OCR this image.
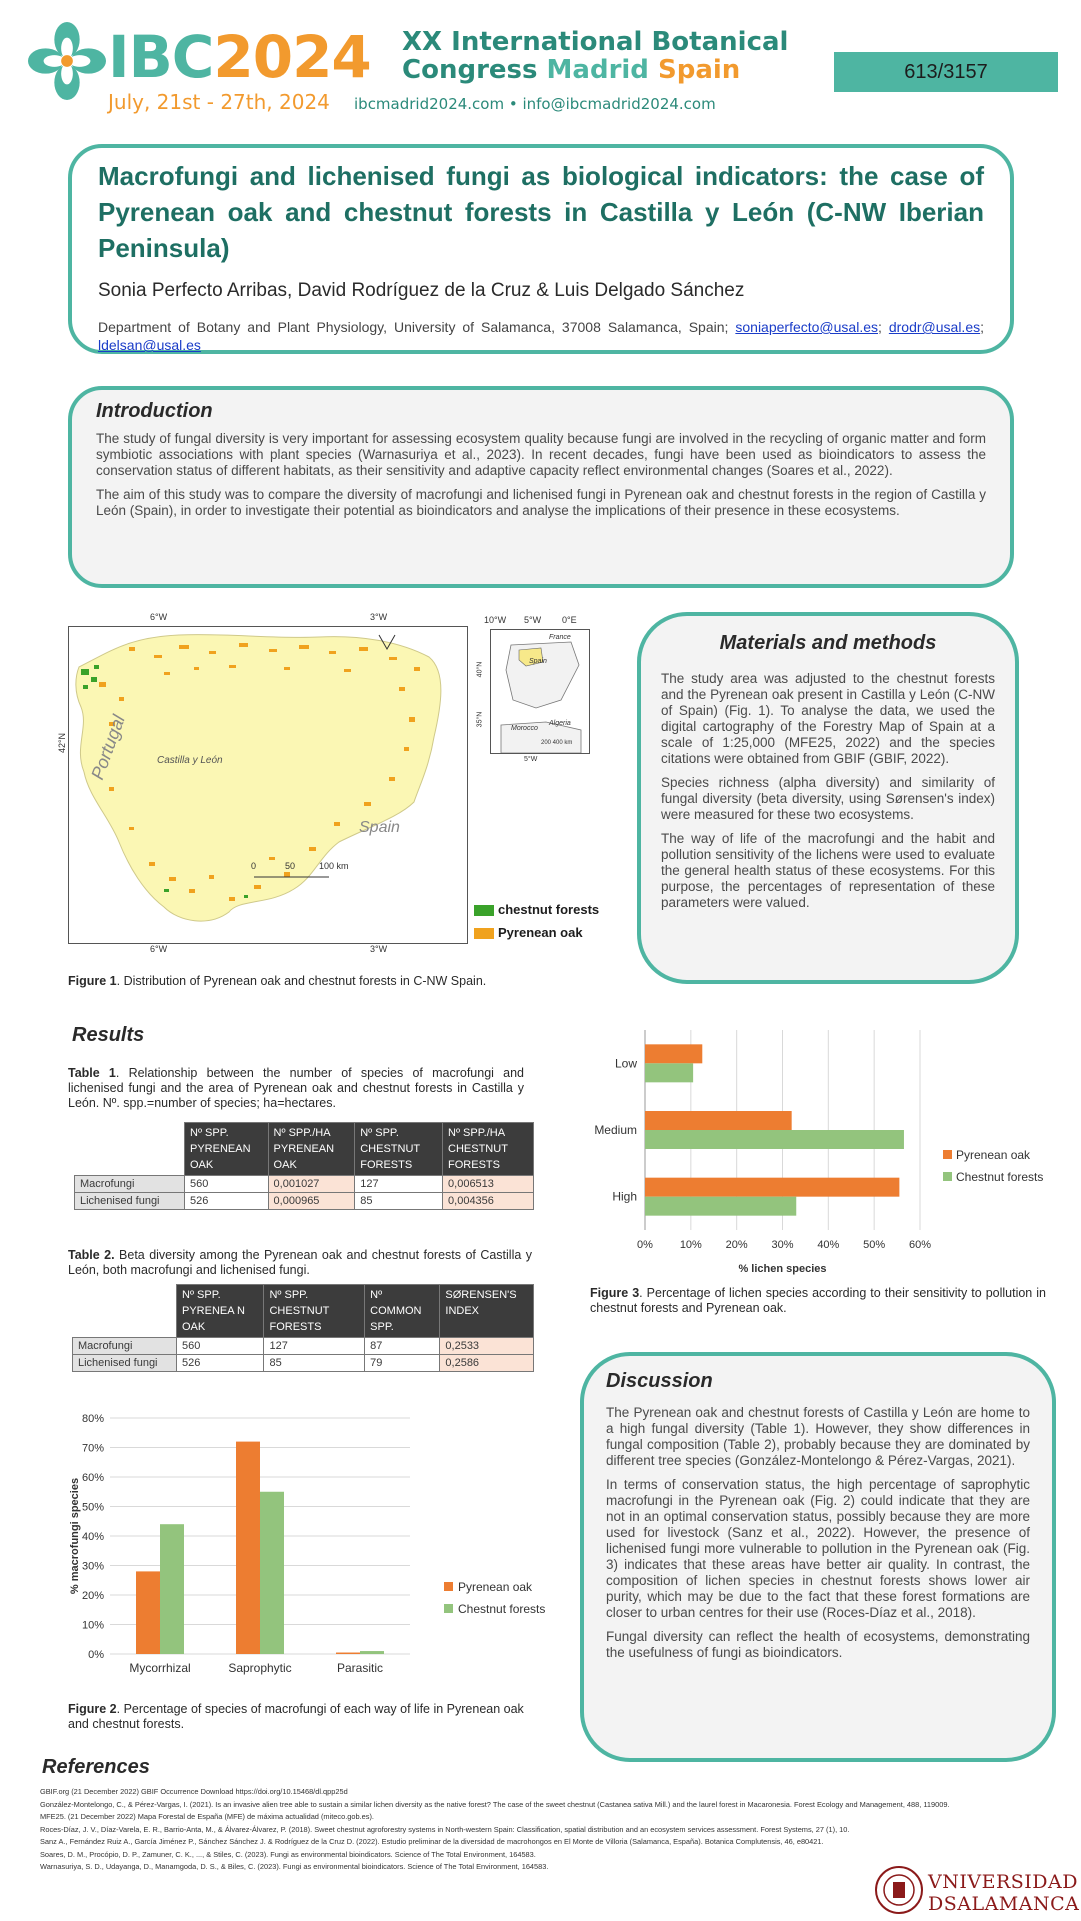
IBC2024 XX International Botanical
Congress Madrid Spain
July, 21st - 27th, 2024 ibcmadrid2024.com • info@ibcmadrid2024.com
613/3157
Macrofungi and lichenised fungi as biological indicators: the case of Pyrenean oak and chestnut forests in Castilla y León (C-NW Iberian Peninsula)
Sonia Perfecto Arribas, David Rodríguez de la Cruz & Luis Delgado Sánchez
Department of Botany and Plant Physiology, University of Salamanca, 37008 Salamanca, Spain; soniaperfecto@usal.es; drodr@usal.es; ldelsan@usal.es
Introduction

The study of fungal diversity is very important for assessing ecosystem quality because fungi are involved in the recycling of organic matter and form symbiotic associations with plant species (Warnasuriya et al., 2023). In recent decades, fungi have been used as bioindicators to assess the conservation status of different habitats, as their sensitivity and adaptive capacity reflect environmental changes (Soares et al., 2022).

The aim of this study was to compare the diversity of macrofungi and lichenised fungi in Pyrenean oak and chestnut forests in the region of Castilla y León (Spain), in order to investigate their potential as bioindicators and analyse the implications of their presence in these ecosystems.

6°W	3°W
42°N
6°W	3°W
Portugal	Castilla y León
Spain
0	50	100 km
10°W 5°W 0°E
France
Spain
Morocco
Algeria
200 400 km
40°N
35°N
5°W
chestnut forests
Pyrenean oak
Figure 1. Distribution of Pyrenean oak and chestnut forests in C-NW Spain.
Materials and methods

The study area was adjusted to the chestnut forests and the Pyrenean oak present in Castilla y León (C-NW of Spain) (Fig. 1). To analyse the data, we used the digital cartography of the Forestry Map of Spain at a scale of 1:25,000 (MFE25, 2022) and the species citations were obtained from GBIF (GBIF, 2022).

Species richness (alpha diversity) and similarity of fungal diversity (beta diversity, using Sørensen's index) were measured for these two ecosystems.

The way of life of the macrofungi and the habit and pollution sensitivity of the lichens were used to evaluate the general health status of these ecosystems. For this purpose, the percentages of representation of these parameters were valued.

Results
Table 1. Relationship between the number of species of macrofungi and lichenised fungi and the area of Pyrenean oak and chestnut forests in Castilla y León. Nº. spp.=number of species; ha=hectares.
	Nº SPP. PYRENEAN OAK	Nº SPP./HA PYRENEAN OAK	Nº SPP. CHESTNUT FORESTS	Nº SPP./HA CHESTNUT FORESTS
Macrofungi	560	0,001027	127	0,006513
Lichenised fungi	526	0,000965	85	0,004356
Table 2. Beta diversity among the Pyrenean oak and chestnut forests of Castilla y León, both macrofungi and lichenised fungi.
	Nº SPP. PYRENEA N OAK	Nº SPP. CHESTNUT FORESTS	Nº COMMON SPP.	SØRENSEN'S INDEX
Macrofungi	560	127	87	0,2533
Lichenised fungi	526	85	79	0,2586
0%
10%
20%
30%
40%
50%
60%
70%
80%
Mycorrhizal	Saprophytic	Parasitic
% macrofungi species	Pyrenean oak
Chestnut forests
Figure 2. Percentage of species of macrofungi of each way of life in Pyrenean oak and chestnut forests.
0% 10% 20% 30% 40% 50% 60%
Low
Medium
High
% lichen species
Pyrenean oak
Chestnut forests
Figure 3. Percentage of lichen species according to their sensitivity to pollution in chestnut forests and Pyrenean oak.
Discussion

The Pyrenean oak and chestnut forests of Castilla y León are home to a high fungal diversity (Table 1). However, they show differences in fungal composition (Table 2), probably because they are dominated by different tree species (González-Montelongo & Pérez-Vargas, 2021).

In terms of conservation status, the high percentage of saprophytic macrofungi in the Pyrenean oak (Fig. 2) could indicate that they are not in an optimal conservation status, possibly because they are more used for livestock (Sanz et al., 2022). However, the presence of lichenised fungi more vulnerable to pollution in the Pyrenean oak (Fig. 3) indicates that these areas have better air quality. In contrast, the composition of lichen species in chestnut forests shows lower air purity, which may be due to the fact that these forest formations are closer to urban centres for their use (Roces-Díaz et al., 2018).

Fungal diversity can reflect the health of ecosystems, demonstrating the usefulness of fungi as bioindicators.

References
GBIF.org (21 December 2022) GBIF Occurrence Download https://doi.org/10.15468/dl.qpp25d
González-Montelongo, C., & Pérez-Vargas, I. (2021). Is an invasive alien tree able to sustain a similar lichen diversity as the native forest? The case of the sweet chestnut (Castanea sativa Mill.) and the laurel forest in Macaronesia. Forest Ecology and Management, 488, 119009.
MFE25. (21 December 2022) Mapa Forestal de España (MFE) de máxima actualidad (miteco.gob.es).
Roces-Díaz, J. V., Díaz-Varela, E. R., Barrio-Anta, M., & Álvarez-Álvarez, P. (2018). Sweet chestnut agroforestry systems in North-western Spain: Classification, spatial distribution and an ecosystem services assessment. Forest Systems, 27 (1), 10.
Sanz A., Fernández Ruiz A., García Jiménez P., Sánchez Sánchez J. & Rodríguez de la Cruz D. (2022). Estudio preliminar de la diversidad de macrohongos en El Monte de Villoria (Salamanca, España). Botanica Complutensis, 46, e80421.
Soares, D. M., Procópio, D. P., Zamuner, C. K., ..., & Stiles, C. (2023). Fungi as environmental bioindicators. Science of The Total Environment, 164583.
Warnasuriya, S. D., Udayanga, D., Manamgoda, D. S., & Biles, C. (2023). Fungi as environmental bioindicators. Science of The Total Environment, 164583.
VNIVERSIDAD
DSALAMANCA
